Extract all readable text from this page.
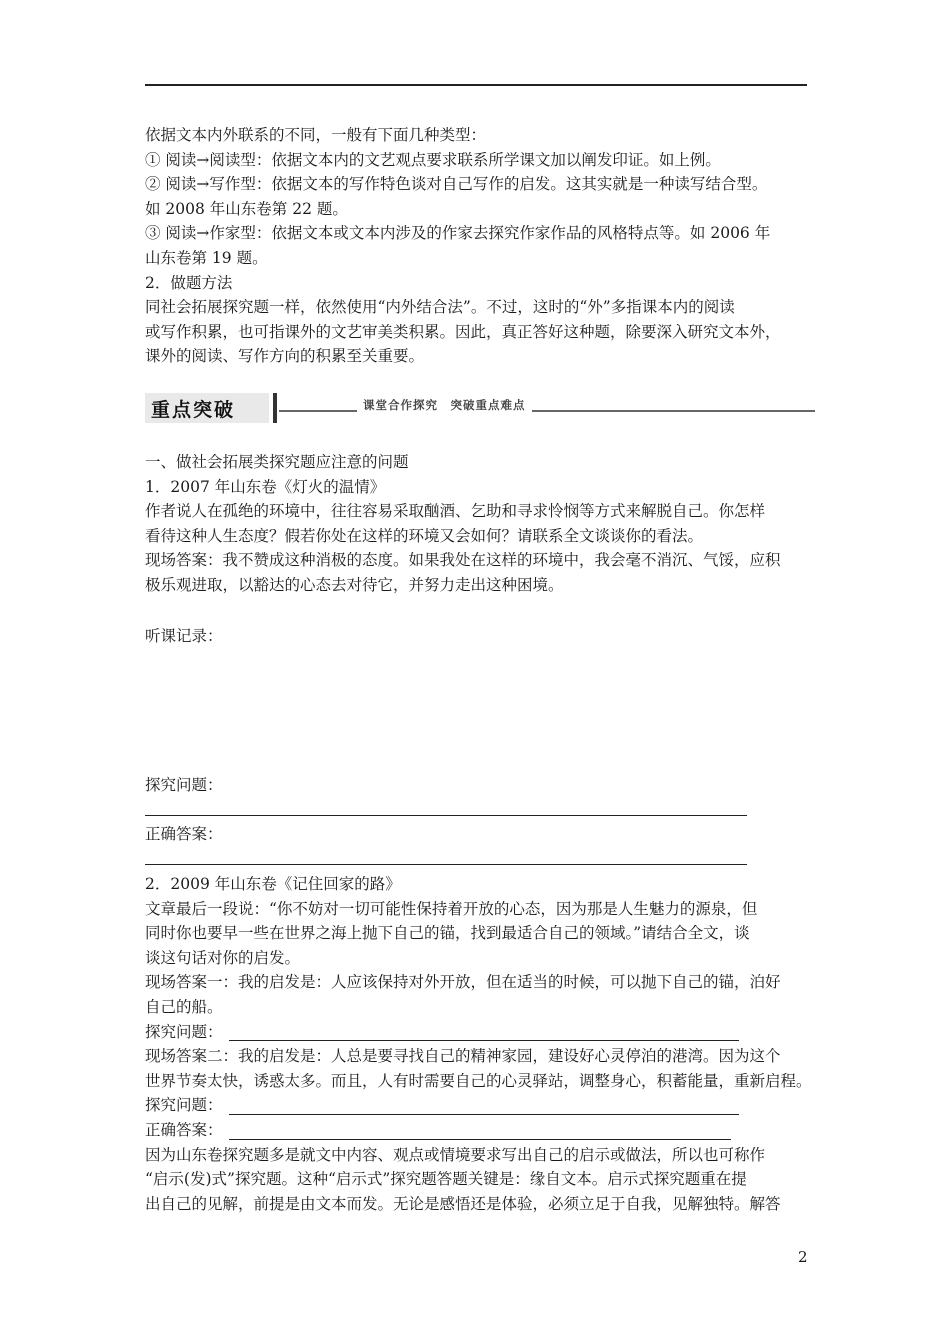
依据文本内外联系的不同，一般有下面几种类型：
① 阅读→阅读型：依据文本内的文艺观点要求联系所学课文加以阐发印证。如上例。
② 阅读→写作型：依据文本的写作特色谈对自己写作的启发。这其实就是一种读写结合型。
如 2008 年山东卷第 22 题。
③ 阅读→作家型：依据文本或文本内涉及的作家去探究作家作品的风格特点等。如 2006 年
山东卷第 19 题。
2．做题方法
同社会拓展探究题一样，依然使用“内外结合法”。不过，这时的“外”多指课本内的阅读
或写作积累，也可指课外的文艺审美类积累。因此，真正答好这种题，除要深入研究文本外，
课外的阅读、写作方向的积累至关重要。
重点突破	课堂合作探究　突破重点难点
一、做社会拓展类探究题应注意的问题
1．2007 年山东卷《灯火的温情》
作者说人在孤绝的环境中，往往容易采取酗酒、乞助和寻求怜悯等方式来解脱自己。你怎样
看待这种人生态度？假若你处在这样的环境又会如何？请联系全文谈谈你的看法。
现场答案：我不赞成这种消极的态度。如果我处在这样的环境中，我会毫不消沉、气馁，应积
极乐观进取，以豁达的心态去对待它，并努力走出这种困境。
听课记录：
探究问题：
正确答案：
2．2009 年山东卷《记住回家的路》
文章最后一段说：“你不妨对一切可能性保持着开放的心态，因为那是人生魅力的源泉，但
同时你也要早一些在世界之海上抛下自己的锚，找到最适合自己的领域。”请结合全文，谈
谈这句话对你的启发。
现场答案一：我的启发是：人应该保持对外开放，但在适当的时候，可以抛下自己的锚，泊好
自己的船。
探究问题：
现场答案二：我的启发是：人总是要寻找自己的精神家园，建设好心灵停泊的港湾。因为这个
世界节奏太快，诱惑太多。而且，人有时需要自己的心灵驿站，调整身心，积蓄能量，重新启程。
探究问题：
正确答案：
因为山东卷探究题多是就文中内容、观点或情境要求写出自己的启示或做法，所以也可称作
“启示(发)式”探究题。这种“启示式”探究题答题关键是：缘自文本。启示式探究题重在提
出自己的见解，前提是由文本而发。无论是感悟还是体验，必须立足于自我，见解独特。解答
2
